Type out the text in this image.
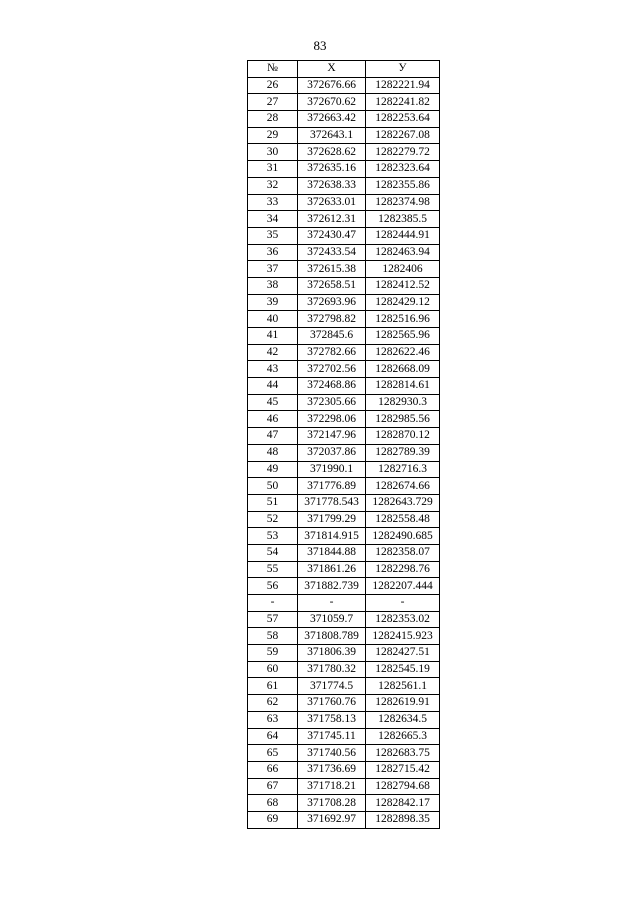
83
№	X	У
26	372676.66	1282221.94
27	372670.62	1282241.82
28	372663.42	1282253.64
29	372643.1	1282267.08
30	372628.62	1282279.72
31	372635.16	1282323.64
32	372638.33	1282355.86
33	372633.01	1282374.98
34	372612.31	1282385.5
35	372430.47	1282444.91
36	372433.54	1282463.94
37	372615.38	1282406
38	372658.51	1282412.52
39	372693.96	1282429.12
40	372798.82	1282516.96
41	372845.6	1282565.96
42	372782.66	1282622.46
43	372702.56	1282668.09
44	372468.86	1282814.61
45	372305.66	1282930.3
46	372298.06	1282985.56
47	372147.96	1282870.12
48	372037.86	1282789.39
49	371990.1	1282716.3
50	371776.89	1282674.66
51	371778.543	1282643.729
52	371799.29	1282558.48
53	371814.915	1282490.685
54	371844.88	1282358.07
55	371861.26	1282298.76
56	371882.739	1282207.444
-	-	-
57	371059.7	1282353.02
58	371808.789	1282415.923
59	371806.39	1282427.51
60	371780.32	1282545.19
61	371774.5	1282561.1
62	371760.76	1282619.91
63	371758.13	1282634.5
64	371745.11	1282665.3
65	371740.56	1282683.75
66	371736.69	1282715.42
67	371718.21	1282794.68
68	371708.28	1282842.17
69	371692.97	1282898.35
